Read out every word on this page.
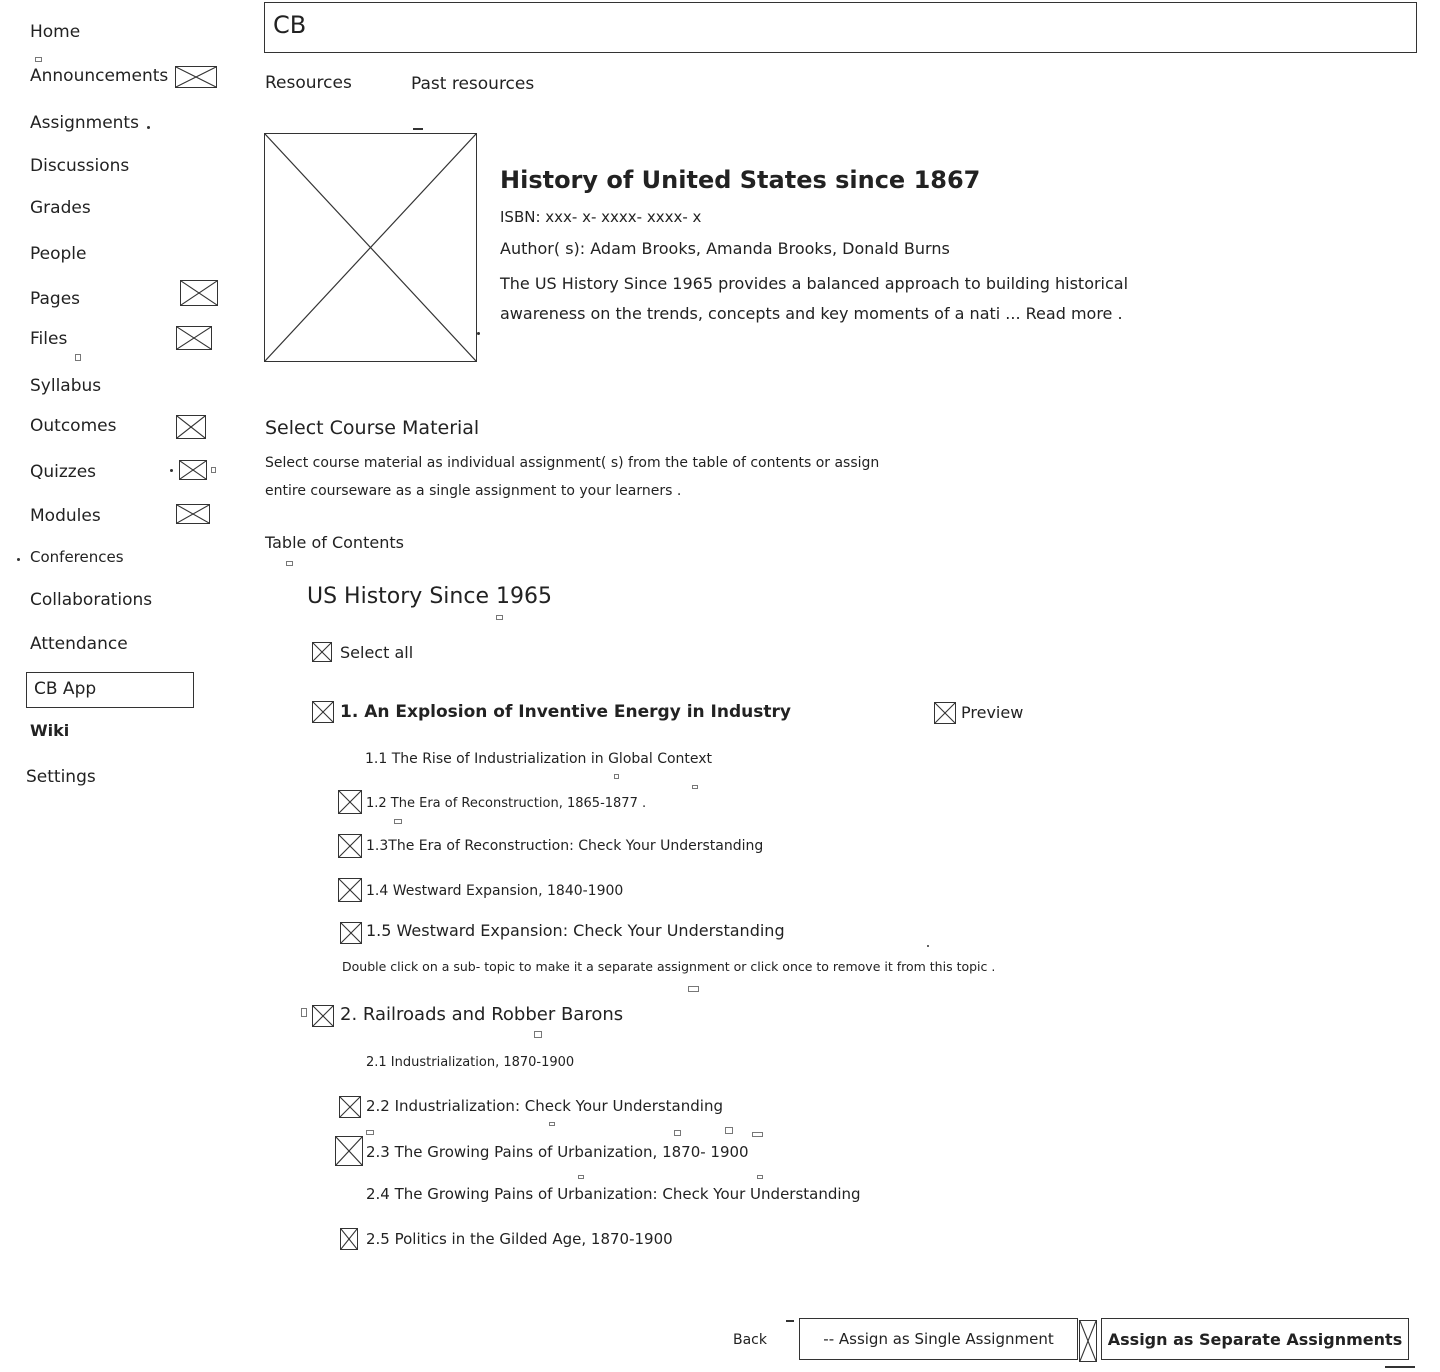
Home
Announcements
Assignments
Discussions
Grades
People
Pages
Files
Syllabus
Outcomes
Quizzes
Modules
Conferences
Collaborations
Attendance
CB App
Wiki
Settings
CB
Resources	Past resources
History of United States since 1867
ISBN: xxx- x- xxxx- xxxx- x
Author( s): Adam Brooks, Amanda Brooks, Donald Burns
The US History Since 1965 provides a balanced approach to building historical
awareness on the trends, concepts and key moments of a nati ... Read more .
Select Course Material
Select course material as individual assignment( s) from the table of contents or assign
entire courseware as a single assignment to your learners .
Table of Contents
US History Since 1965
Select all
1. An Explosion of Inventive Energy in Industry	Preview
1.1 The Rise of Industrialization in Global Context
1.2 The Era of Reconstruction, 1865-1877 .
1.3The Era of Reconstruction: Check Your Understanding
1.4 Westward Expansion, 1840-1900
1.5 Westward Expansion: Check Your Understanding
Double click on a sub- topic to make it a separate assignment or click once to remove it from this topic .
2. Railroads and Robber Barons
2.1 Industrialization, 1870-1900
2.2 Industrialization: Check Your Understanding
2.3 The Growing Pains of Urbanization, 1870- 1900
2.4 The Growing Pains of Urbanization: Check Your Understanding
2.5 Politics in the Gilded Age, 1870-1900
Back	-- Assign as Single Assignment	Assign as Separate Assignments
